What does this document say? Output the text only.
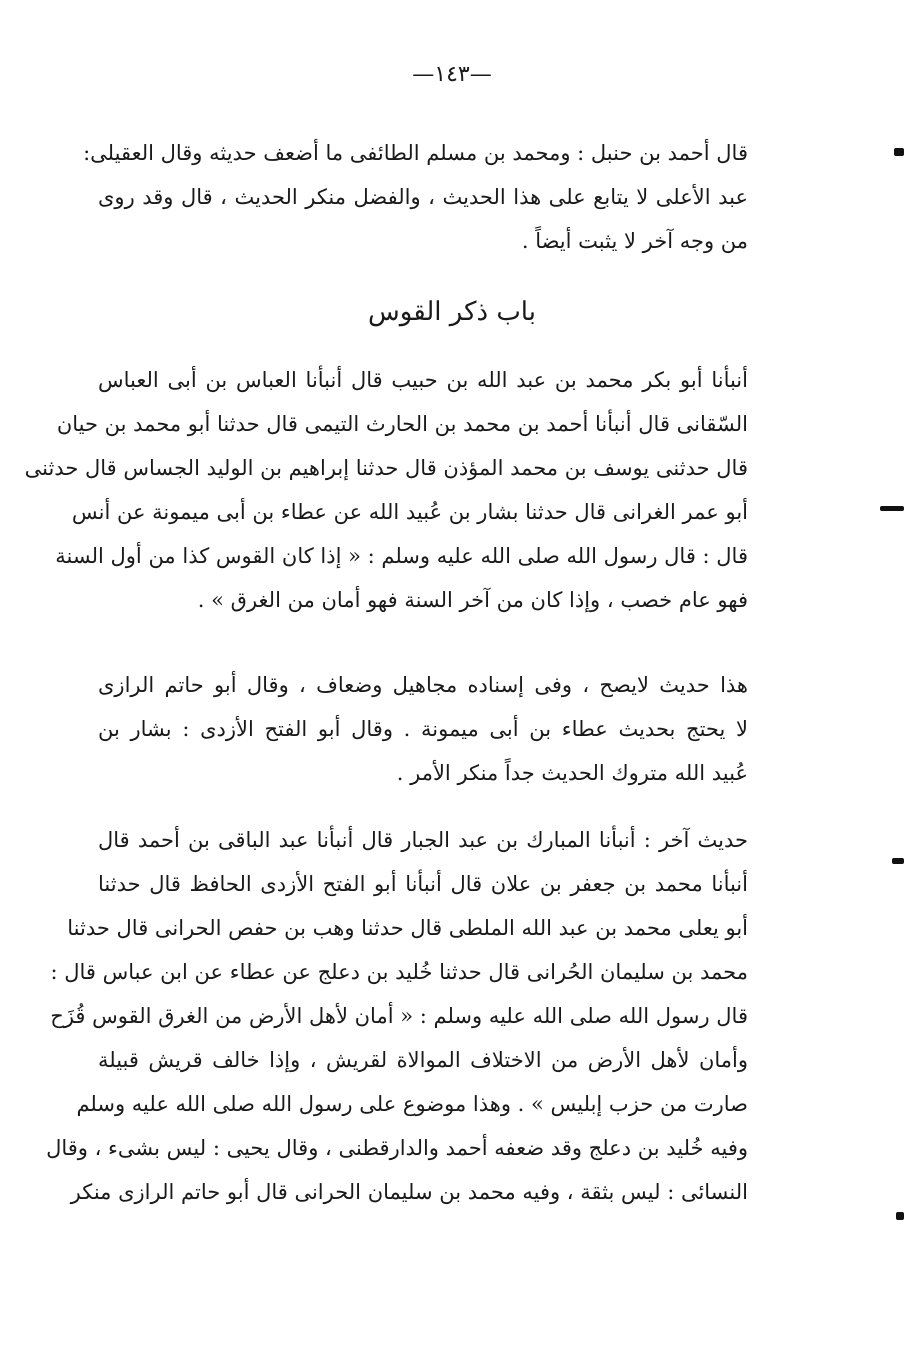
—١٤٣—
قال أحمد بن حنبل : ومحمد بن مسلم الطائفى ما أضعف حديثه وقال العقيلى:
عبد الأعلى لا يتابع على هذا الحديث ، والفضل منكر الحديث ، قال وقد روى
من وجه آخر لا يثبت أيضاً .
باب ذكر القوس
أنبأنا أبو بكر محمد بن عبد الله بن حبيب قال أنبأنا العباس بن أبى العباس
السّقانى قال أنبأنا أحمد بن محمد بن الحارث التيمى قال حدثنا أبو محمد بن حيان
قال حدثنى يوسف بن محمد المؤذن قال حدثنا إبراهيم بن الوليد الجساس قال حدثنى
أبو عمر الغرانى قال حدثنا بشار بن عُبيد الله عن عطاء بن أبى ميمونة عن أنس
قال : قال رسول الله صلى الله عليه وسلم : « إذا كان القوس كذا من أول السنة
فهو عام خصب ، وإذا كان من آخر السنة فهو أمان من الغرق » .
هذا حديث لايصح ، وفى إسناده مجاهيل وضعاف ، وقال أبو حاتم الرازى
لا يحتج بحديث عطاء بن أبى ميمونة . وقال أبو الفتح الأزدى : بشار بن
عُبيد الله متروك الحديث جداً منكر الأمر .
حديث آخر : أنبأنا المبارك بن عبد الجبار قال أنبأنا عبد الباقى بن أحمد قال
أنبأنا محمد بن جعفر بن علان قال أنبأنا أبو الفتح الأزدى الحافظ قال حدثنا
أبو يعلى محمد بن عبد الله الملطى قال حدثنا وهب بن حفص الحرانى قال حدثنا
محمد بن سليمان الحُرانى قال حدثنا خُليد بن دعلج عن عطاء عن ابن عباس قال :
قال رسول الله صلى الله عليه وسلم : « أمان لأهل الأرض من الغرق القوس قُزَح
وأمان لأهل الأرض من الاختلاف الموالاة لقريش ، وإذا خالف قريش قبيلة
صارت من حزب إبليس » . وهذا موضوع على رسول الله صلى الله عليه وسلم
وفيه خُليد بن دعلج وقد ضعفه أحمد والدارقطنى ، وقال يحيى : ليس بشىء ، وقال
النسائى : ليس بثقة ، وفيه محمد بن سليمان الحرانى قال أبو حاتم الرازى منكر
